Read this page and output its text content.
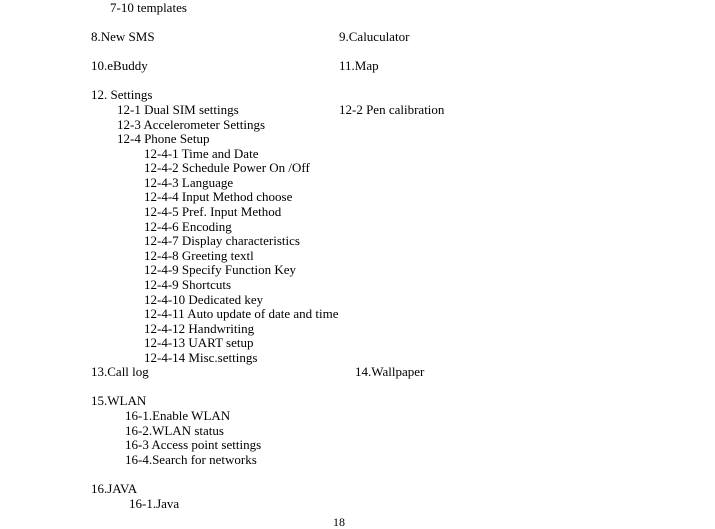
7-10 templates
8.New SMS	9.Caluculator
10.eBuddy	11.Map
12. Settings
12-1 Dual SIM settings	12-2 Pen calibration
12-3 Accelerometer Settings
12-4 Phone Setup
12-4-1 Time and Date
12-4-2 Schedule Power On /Off
12-4-3 Language
12-4-4 Input Method choose
12-4-5 Pref. Input Method
12-4-6 Encoding
12-4-7 Display characteristics
12-4-8 Greeting textl
12-4-9 Specify Function Key
12-4-9 Shortcuts
12-4-10 Dedicated key
12-4-11 Auto update of date and time
12-4-12 Handwriting
12-4-13 UART setup
12-4-14 Misc.settings
13.Call log	14.Wallpaper
15.WLAN
16-1.Enable WLAN
16-2.WLAN status
16-3 Access point settings
16-4.Search for networks
16.JAVA
16-1.Java
18
